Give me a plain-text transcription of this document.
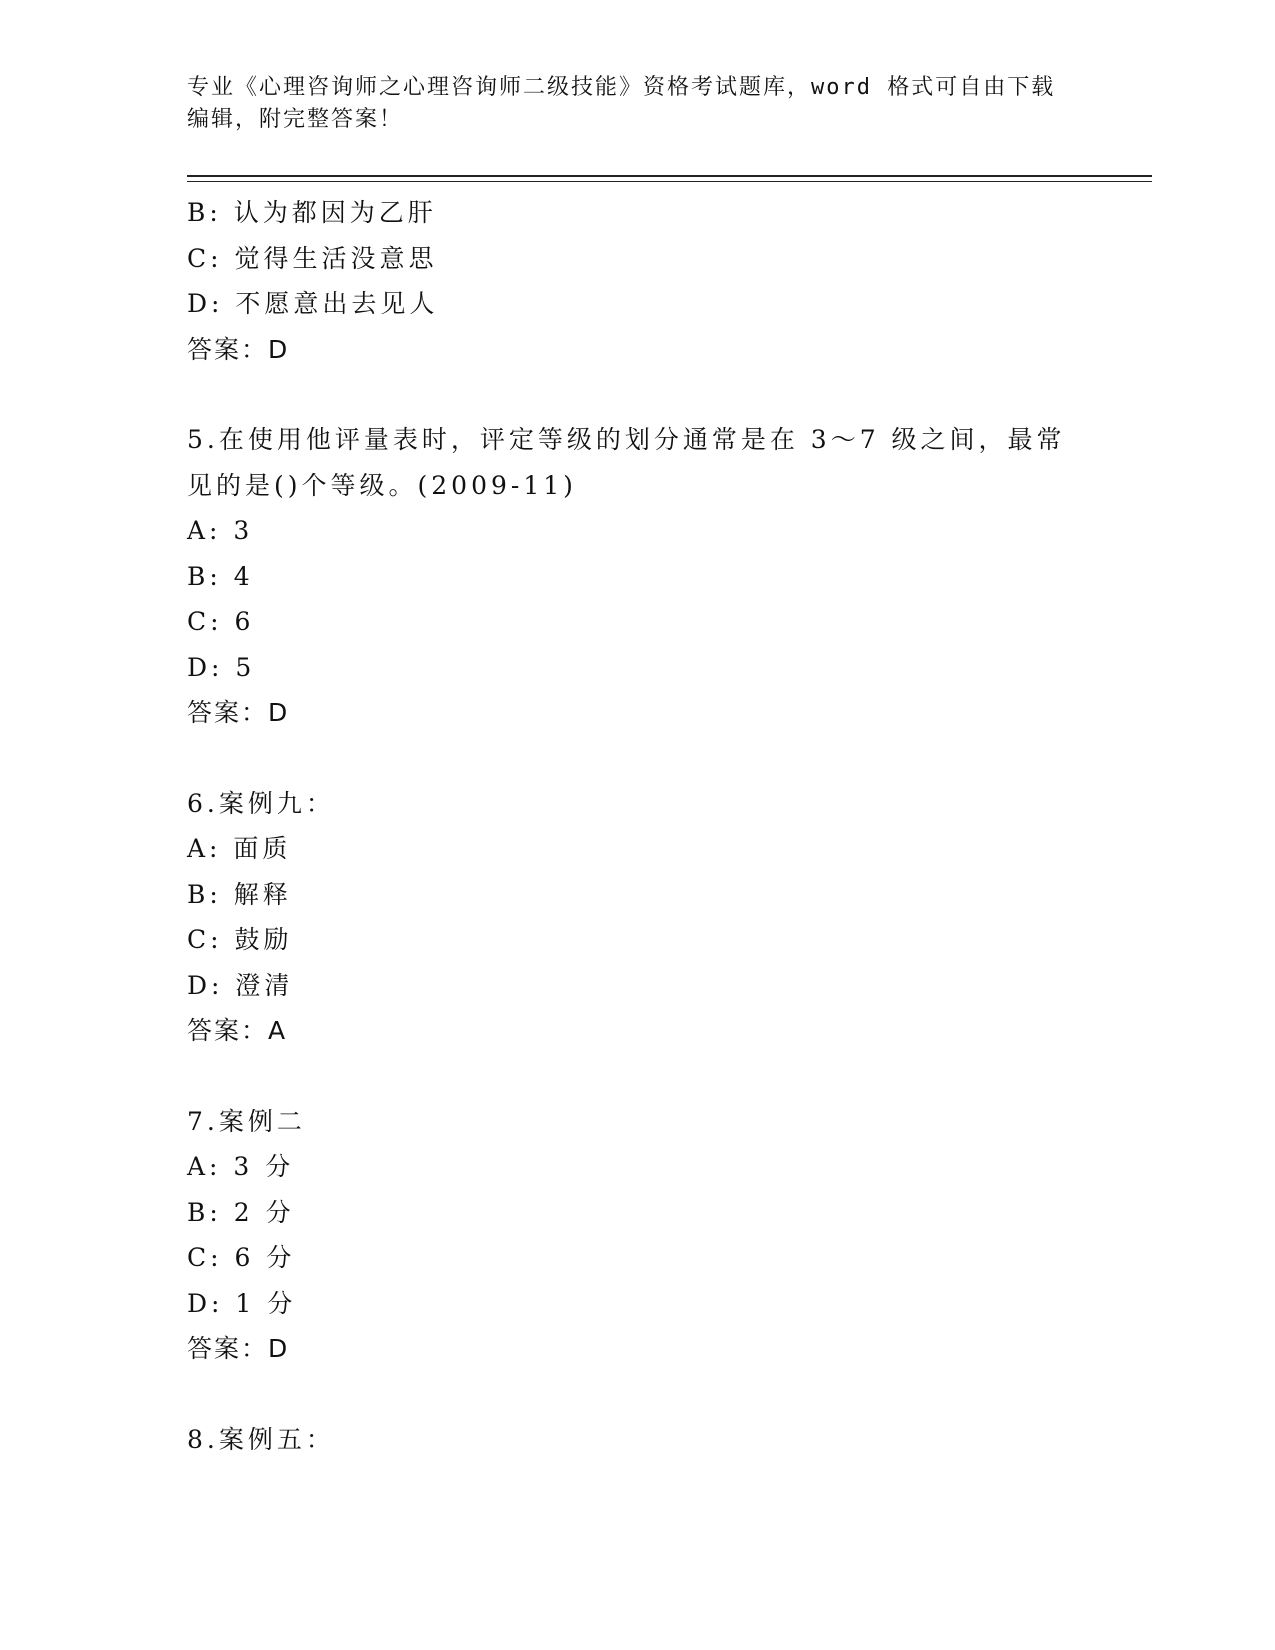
专业《心理咨询师之心理咨询师二级技能》资格考试题库，word 格式可自由下载
编辑，附完整答案！
B: 认为都因为乙肝
C: 觉得生活没意思
D: 不愿意出去见人
答案：D
5.在使用他评量表时，评定等级的划分通常是在 3～7 级之间，最常见的是()个等级。(2009-11)
A: 3
B: 4
C: 6
D: 5
答案：D
6.案例九：
A: 面质
B: 解释
C: 鼓励
D: 澄清
答案：A
7.案例二
A: 3 分
B: 2 分
C: 6 分
D: 1 分
答案：D
8.案例五：
